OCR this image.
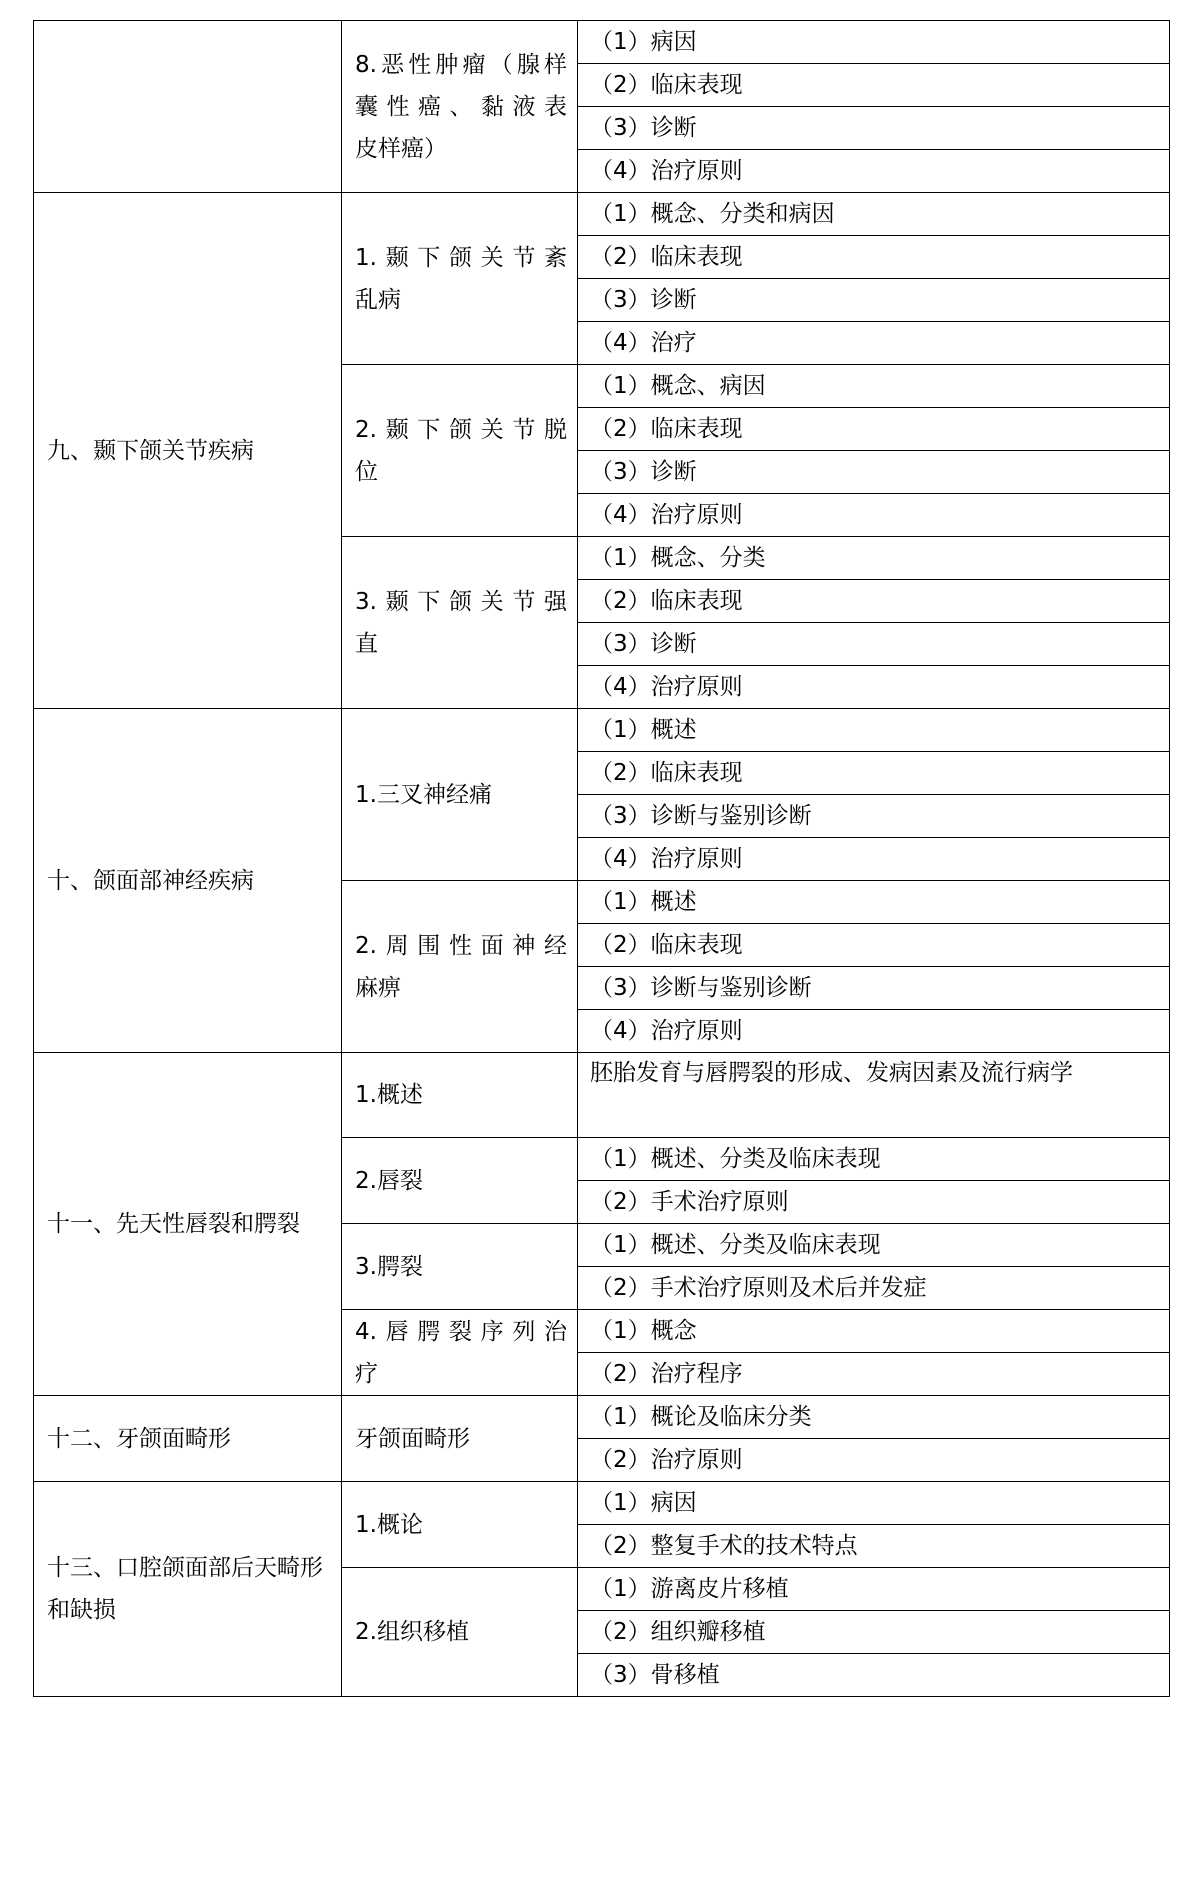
8.恶性肿瘤（腺样
囊性癌、黏液表
皮样癌）
（1）病因
（2）临床表现
（3）诊断
（4）治疗原则
九、颞下颌关节疾病
1.颞下颌关节紊
乱病
（1）概念、分类和病因
（2）临床表现
（3）诊断
（4）治疗
2.颞下颌关节脱
位
（1）概念、病因
（2）临床表现
（3）诊断
（4）治疗原则
3.颞下颌关节强
直
（1）概念、分类
（2）临床表现
（3）诊断
（4）治疗原则
十、颌面部神经疾病
1.三叉神经痛
（1）概述
（2）临床表现
（3）诊断与鉴别诊断
（4）治疗原则
2.周围性面神经
麻痹
（1）概述
（2）临床表现
（3）诊断与鉴别诊断
（4）治疗原则
十一、先天性唇裂和腭裂
1.概述
胚胎发育与唇腭裂的形成、发病因素及流行病学
2.唇裂
（1）概述、分类及临床表现
（2）手术治疗原则
3.腭裂
（1）概述、分类及临床表现
（2）手术治疗原则及术后并发症
4.唇腭裂序列治
疗
（1）概念
（2）治疗程序
十二、牙颌面畸形	牙颌面畸形
（1）概论及临床分类
（2）治疗原则
十三、口腔颌面部后天畸形和缺损
1.概论
（1）病因
（2）整复手术的技术特点
2.组织移植
（1）游离皮片移植
（2）组织瓣移植
（3）骨移植
